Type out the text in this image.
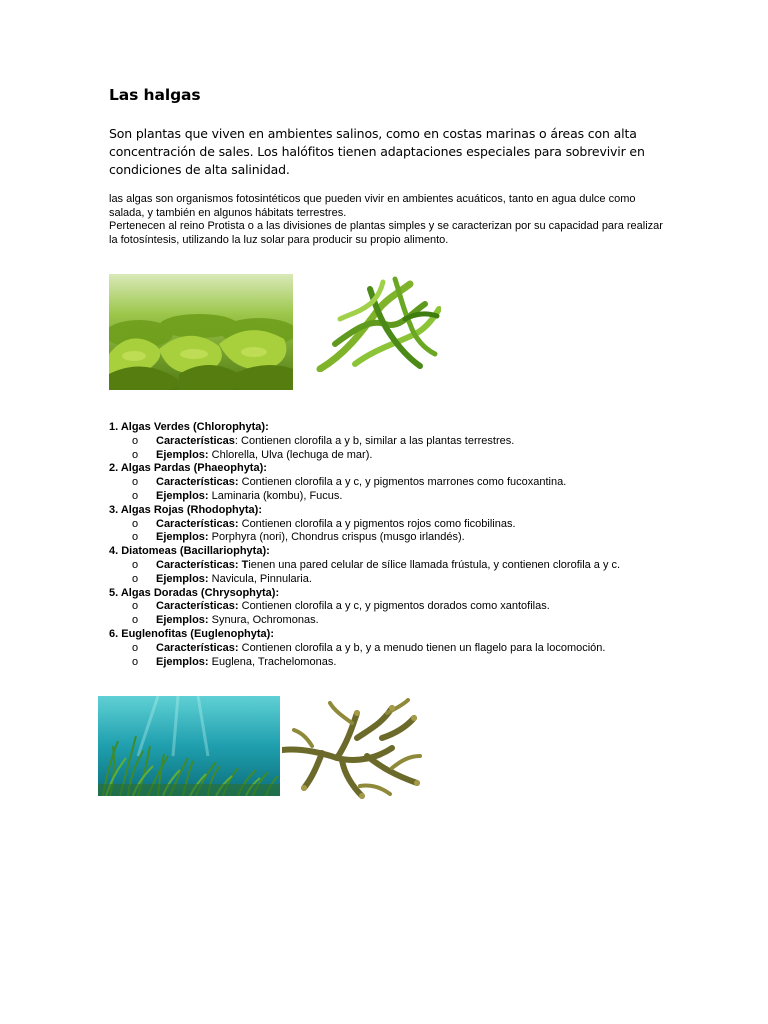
Las halgas
Son plantas que viven en ambientes salinos, como en costas marinas o áreas con alta concentración de sales. Los halófitos tienen adaptaciones especiales para sobrevivir en condiciones de alta salinidad.
las algas son organismos fotosintéticos que pueden vivir en ambientes acuáticos, tanto en agua dulce como salada, y también en algunos hábitats terrestres.
Pertenecen al reino Protista o a las divisiones de plantas simples y se caracterizan por su capacidad para realizar la fotosíntesis, utilizando la luz solar para producir su propio alimento.
1. Algas Verdes (Chlorophyta):
o Características: Contienen clorofila a y b, similar a las plantas terrestres.
o Ejemplos: Chlorella, Ulva (lechuga de mar).
2. Algas Pardas (Phaeophyta):
o Características: Contienen clorofila a y c, y pigmentos marrones como fucoxantina.
o Ejemplos: Laminaria (kombu), Fucus.
3. Algas Rojas (Rhodophyta):
o Características: Contienen clorofila a y pigmentos rojos como ficobilinas.
o Ejemplos: Porphyra (nori), Chondrus crispus (musgo irlandés).
4. Diatomeas (Bacillariophyta):
o Características: Tienen una pared celular de sílice llamada frústula, y contienen clorofila a y c.
o Ejemplos: Navicula, Pinnularia.
5. Algas Doradas (Chrysophyta):
o Características: Contienen clorofila a y c, y pigmentos dorados como xantofilas.
o Ejemplos: Synura, Ochromonas.
6. Euglenofitas (Euglenophyta):
o Características: Contienen clorofila a y b, y a menudo tienen un flagelo para la locomoción.
o Ejemplos: Euglena, Trachelomonas.
